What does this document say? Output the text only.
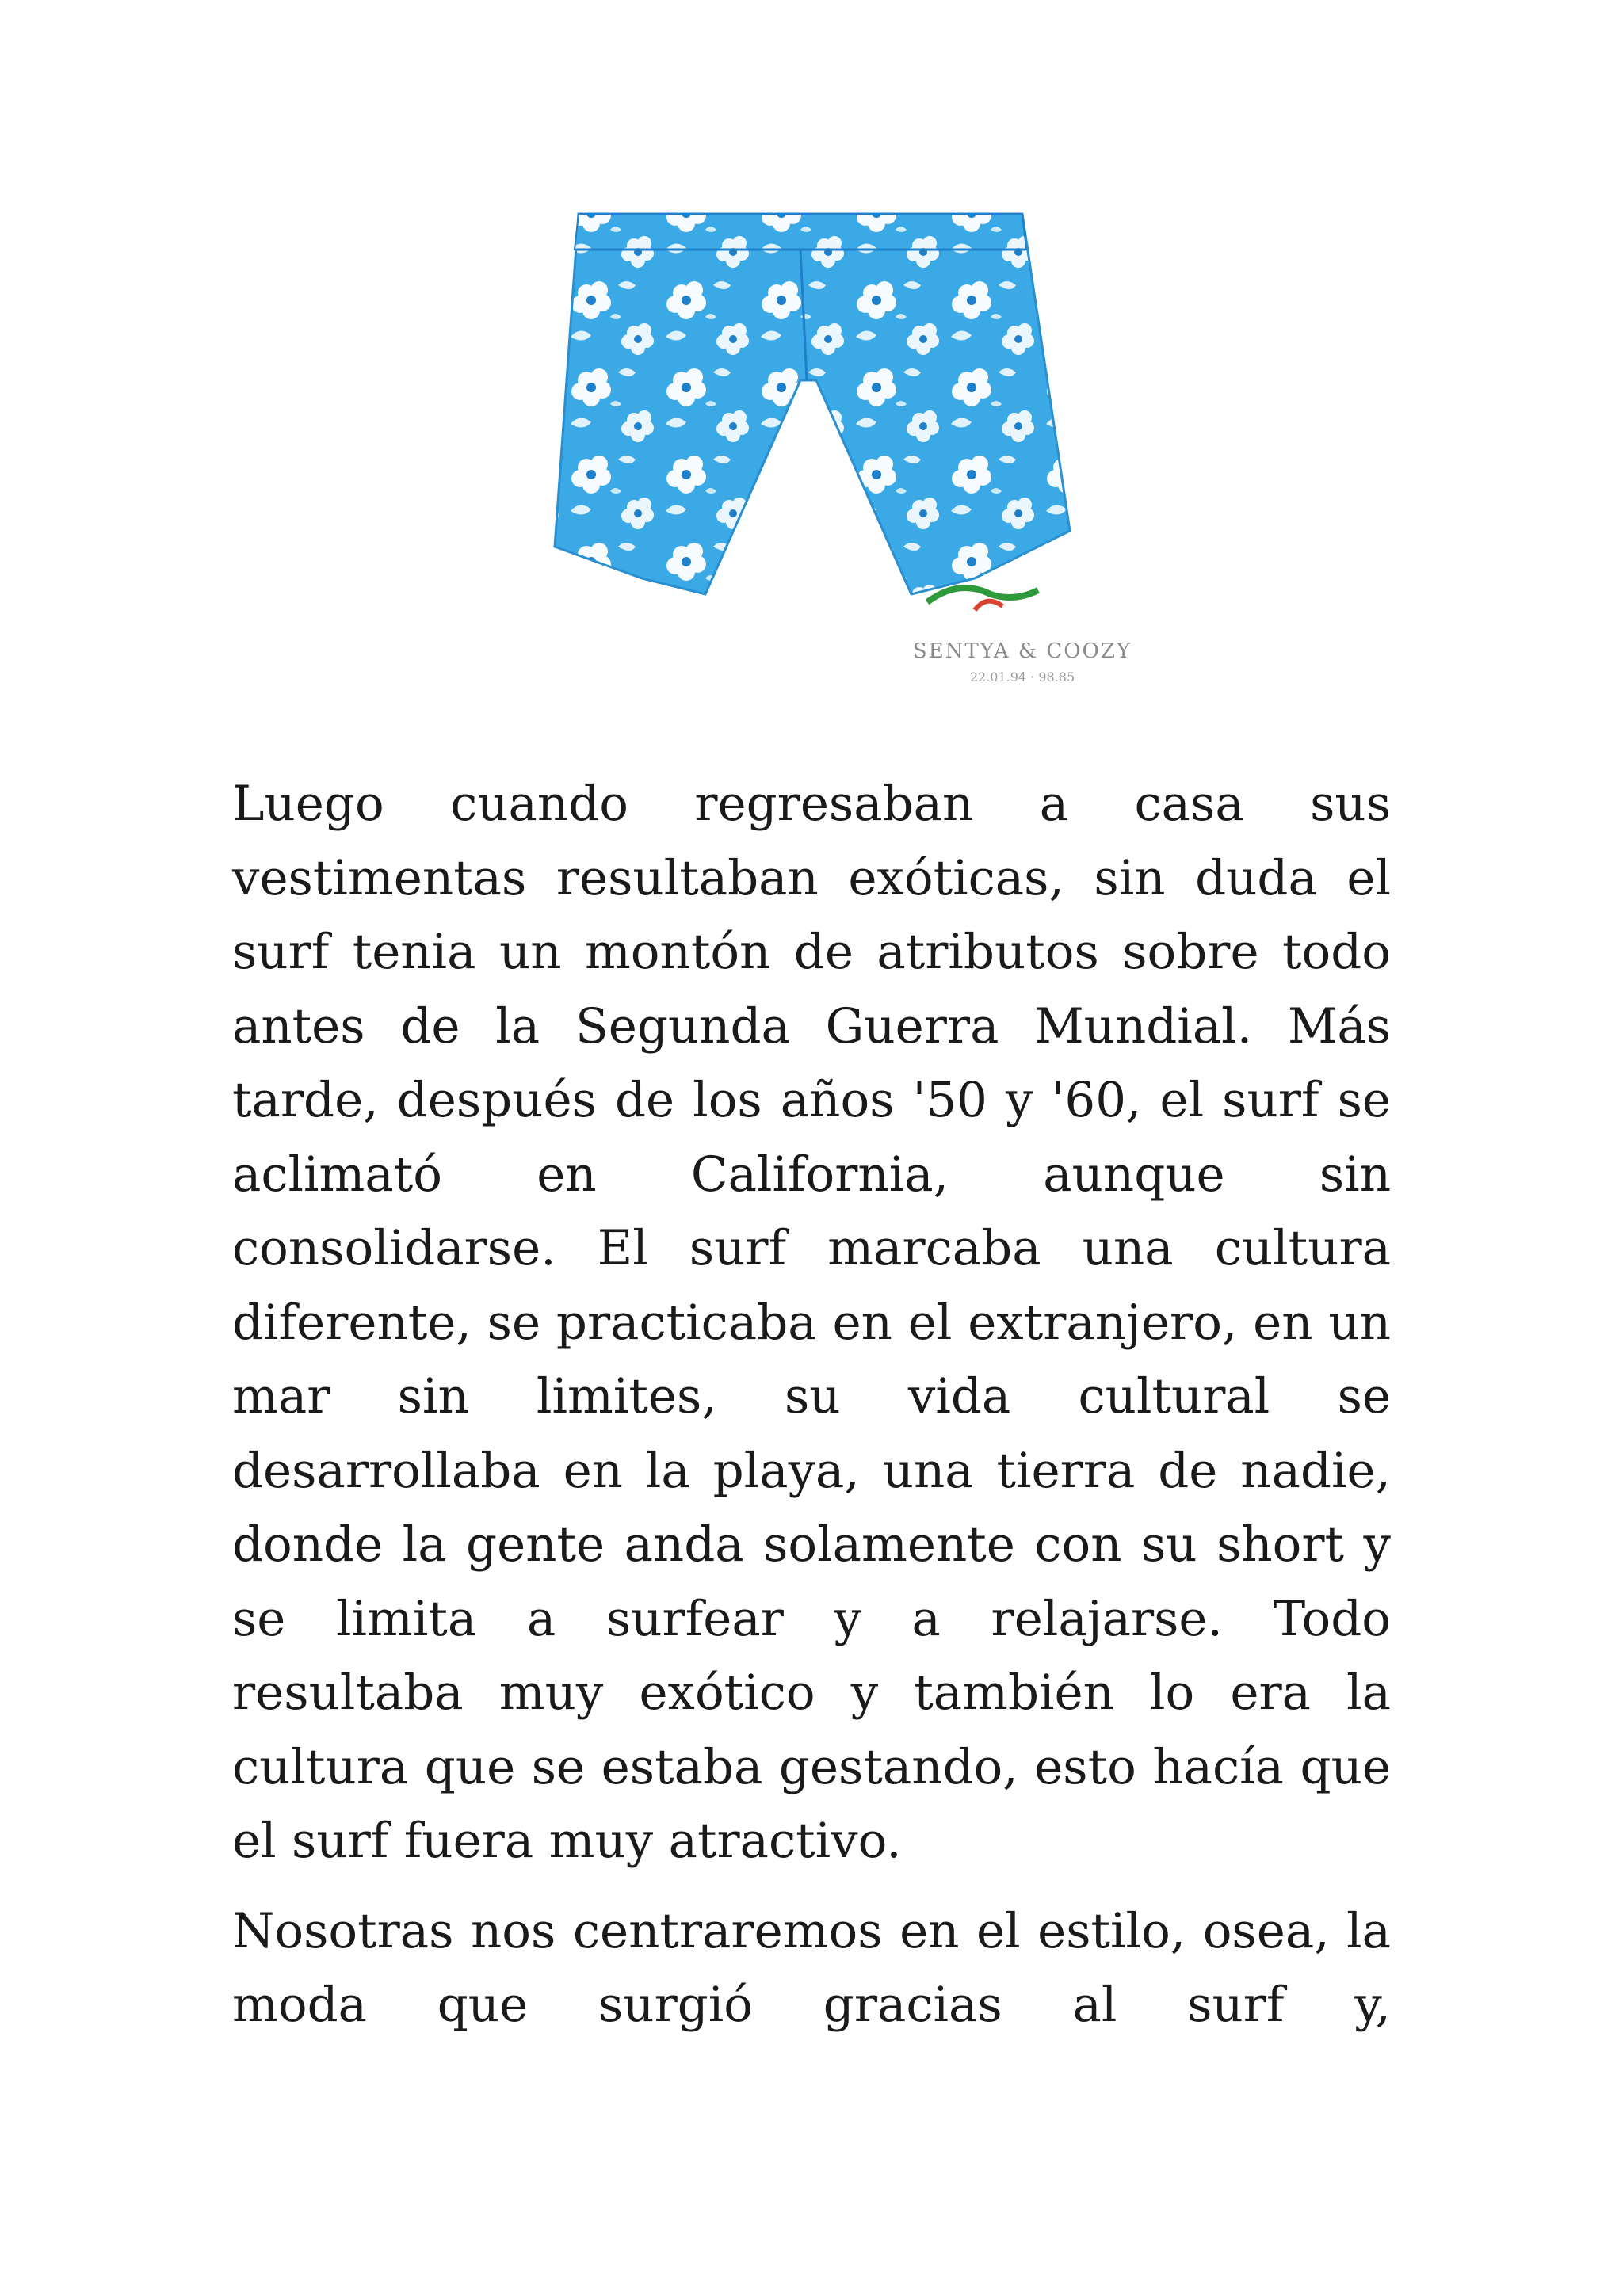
SENTYA & COOZY
22.01.94 · 98.85

Luego cuando regresaban a casa sus vestimentas resultaban exóticas, sin duda el surf tenia un montón de atributos sobre todo antes de la Segunda Guerra Mundial. Más tarde, después de los años '50 y '60, el surf se aclimató en California, aunque sin consolidarse. El surf marcaba una cultura diferente, se practicaba en el extranjero, en un mar sin limites, su vida cultural se desarrollaba en la playa, una tierra de nadie, donde la gente anda solamente con su short y se limita a surfear y a relajarse. Todo resultaba muy exótico y también lo era la cultura que se estaba gestando, esto hacía que el surf fuera muy atractivo.

Nosotras nos centraremos en el estilo, osea, la moda que surgió gracias al surf y,
